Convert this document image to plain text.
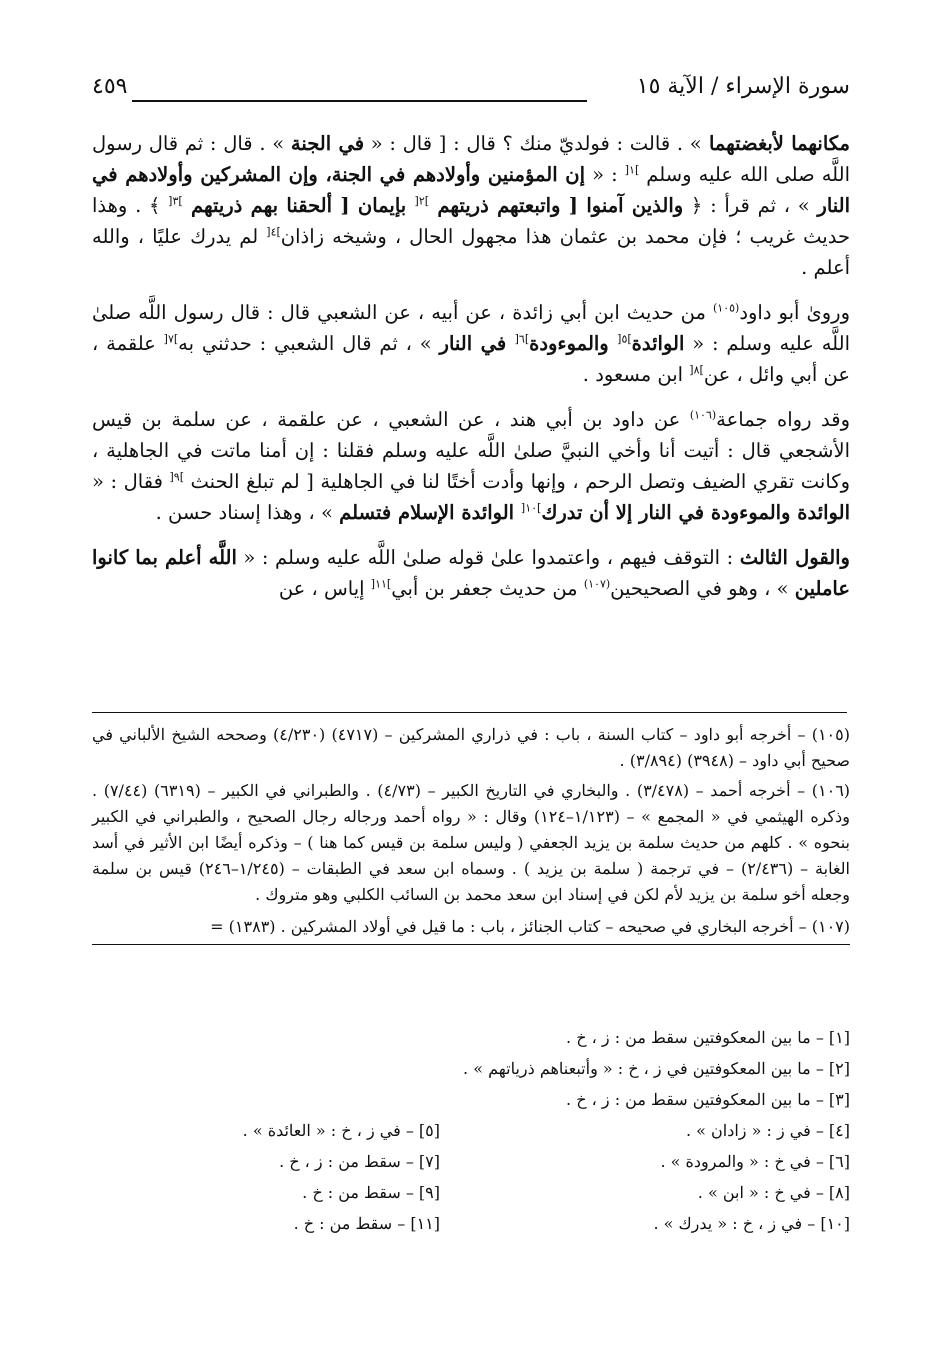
سورة الإسراء / الآية ١٥
٤٥٩

مكانهما لأبغضتهما » . قالت : فولديّ منك ؟ قال : [ قال : « في الجنة » . قال : ثم قال رسول اللَّه صلى الله عليه وسلم $^{]١[}$ : « إن المؤمنين وأولادهم في الجنة، وإن المشركين وأولادهم في النار » ، ثم قرأ : ﴿ والذين آمنوا [ واتبعتهم ذريتهم $^{]٢[}$ بإيمان [ ألحقنا بهم ذريتهم $^{]٣[}$ ﴾ . وهذا حديث غريب ؛ فإن محمد بن عثمان هذا مجهول الحال ، وشيخه زاذان$^{]٤[}$ لم يدرك عليًا ، والله أعلم .

وروىٰ أبو داود$^{(١٠٥)}$ من حديث ابن أبي زائدة ، عن أبيه ، عن الشعبي قال : قال رسول اللَّه صلىٰ اللَّه عليه وسلم : « الوائدة$^{]٥[}$ والموءودة$^{]٦[}$ في النار » ، ثم قال الشعبي : حدثني به$^{]٧[}$ علقمة ، عن أبي وائل ، عن$^{]٨[}$ ابن مسعود .

وقد رواه جماعة$^{(١٠٦)}$ عن داود بن أبي هند ، عن الشعبي ، عن علقمة ، عن سلمة بن قيس الأشجعي قال : أتيت أنا وأخي النبيَّ صلىٰ اللَّه عليه وسلم فقلنا : إن أمنا ماتت في الجاهلية ، وكانت تقري الضيف وتصل الرحم ، وإنها وأدت أختًا لنا في الجاهلية [ لم تبلغ الحنث $^{]٩[}$ فقال : « الوائدة والموءودة في النار إلا أن تدرك$^{]١٠[}$ الوائدة الإسلام فتسلم » ، وهذا إسناد حسن .

والقول الثالث : التوقف فيهم ، واعتمدوا علىٰ قوله صلىٰ اللَّه عليه وسلم : « اللَّه أعلم بما كانوا عاملين » ، وهو في الصحيحين$^{(١٠٧)}$ من حديث جعفر بن أبي$^{]١١[}$ إياس ، عن

(١٠٥) – أخرجه أبو داود – كتاب السنة ، باب : في ذراري المشركين – (٤٧١٧) (٤/٢٣٠) وصححه الشيخ الألباني في صحيح أبي داود – (٣٩٤٨) (٣/٨٩٤) .

(١٠٦) – أخرجه أحمد – (٣/٤٧٨) . والبخاري في التاريخ الكبير – (٤/٧٣) . والطبراني في الكبير – (٦٣١٩) (٧/٤٤) . وذكره الهيثمي في « المجمع » – (١/١٢٣–١٢٤) وقال : « رواه أحمد ورجاله رجال الصحيح ، والطبراني في الكبير بنحوه » . كلهم من حديث سلمة بن يزيد الجعفي ( وليس سلمة بن قيس كما هنا ) – وذكره أيضًا ابن الأثير في أسد الغابة – (٢/٤٣٦) – في ترجمة ( سلمة بن يزيد ) . وسماه ابن سعد في الطبقات – (١/٢٤٥–٢٤٦) قيس بن سلمة وجعله أخو سلمة بن يزيد لأم لكن في إسناد ابن سعد محمد بن السائب الكلبي وهو متروك .

(١٠٧) – أخرجه البخاري في صحيحه – كتاب الجنائز ، باب : ما قيل في أولاد المشركين . (١٣٨٣) =

[١] – ما بين المعكوفتين سقط من : ز ، خ .

[٢] – ما بين المعكوفتين في ز ، خ : « وأتبعناهم ذرياتهم » .

[٣] – ما بين المعكوفتين سقط من : ز ، خ .

[٤] – في ز : « زادان » .
[٥] – في ز ، خ : « العائدة » .
[٦] – في خ : « والمرودة » .
[٧] – سقط من : ز ، خ .
[٨] – في خ : « ابن » .
[٩] – سقط من : خ .
[١٠] – في ز ، خ : « يدرك » .
[١١] – سقط من : خ .
